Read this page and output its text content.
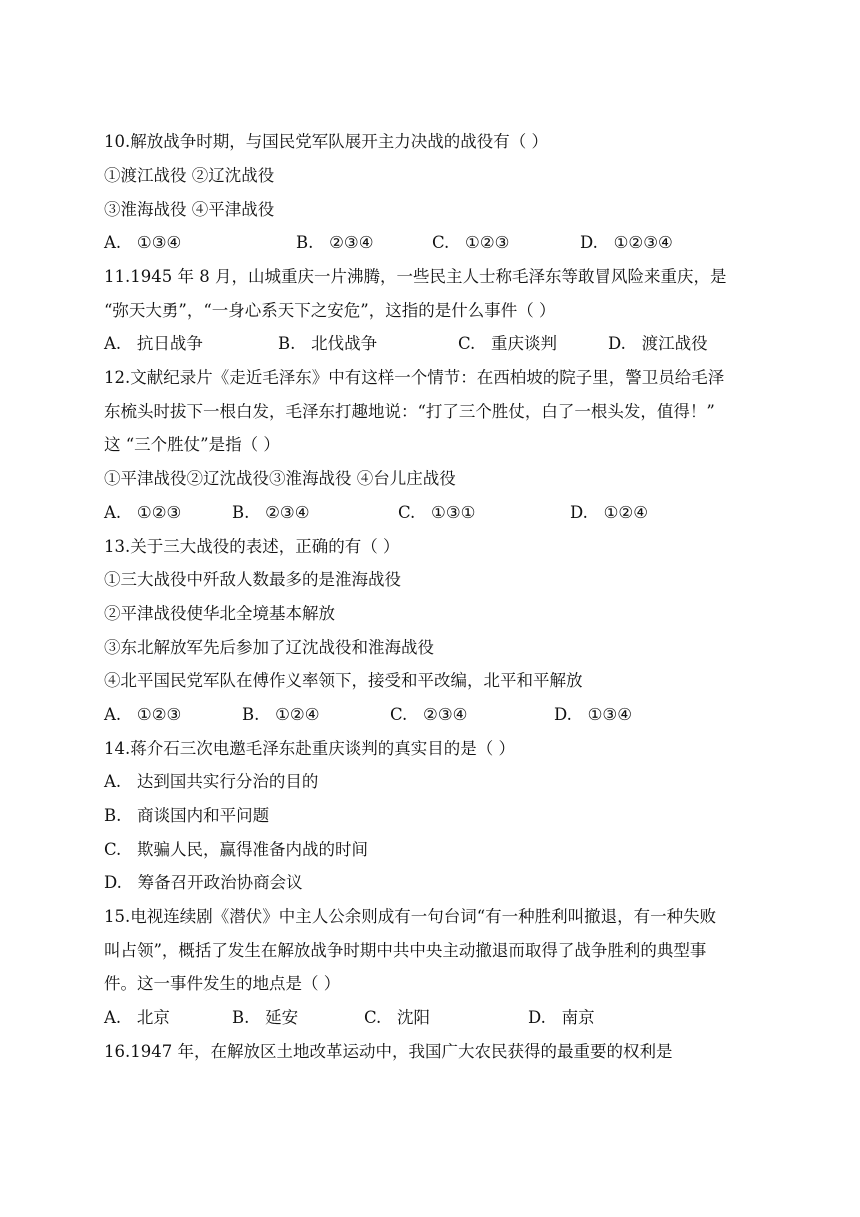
10.解放战争时期，与国民党军队展开主力决战的战役有（ ）
①渡江战役 ②辽沈战役
③淮海战役 ④平津战役
A. ①③④	B. ②③④	C. ①②③	D. ①②③④
11.1945 年 8 月，山城重庆一片沸腾，一些民主人士称毛泽东等敢冒风险来重庆，是
“弥天大勇”，“一身心系天下之安危”，这指的是什么事件（ ）
A. 抗日战争	B. 北伐战争	C. 重庆谈判	D. 渡江战役
12.文献纪录片《走近毛泽东》中有这样一个情节：在西柏坡的院子里，警卫员给毛泽
东梳头时拔下一根白发，毛泽东打趣地说：“打了三个胜仗，白了一根头发，值得！”
这 “三个胜仗”是指（ ）
①平津战役②辽沈战役③淮海战役 ④台儿庄战役
A. ①②③	B. ②③④	C. ①③①	D. ①②④
13.关于三大战役的表述，正确的有（ ）
①三大战役中歼敌人数最多的是淮海战役
②平津战役使华北全境基本解放
③东北解放军先后参加了辽沈战役和淮海战役
④北平国民党军队在傅作义率领下，接受和平改编，北平和平解放
A. ①②③	B. ①②④	C. ②③④	D. ①③④
14.蒋介石三次电邀毛泽东赴重庆谈判的真实目的是（ ）
A. 达到国共实行分治的目的
B. 商谈国内和平问题
C. 欺骗人民，赢得准备内战的时间
D. 筹备召开政治协商会议
15.电视连续剧《潜伏》中主人公余则成有一句台词“有一种胜利叫撤退，有一种失败
叫占领”，概括了发生在解放战争时期中共中央主动撤退而取得了战争胜利的典型事
件。这一事件发生的地点是（ ）
A. 北京	B. 延安	C. 沈阳	D. 南京
16.1947 年，在解放区土地改革运动中，我国广大农民获得的最重要的权利是
